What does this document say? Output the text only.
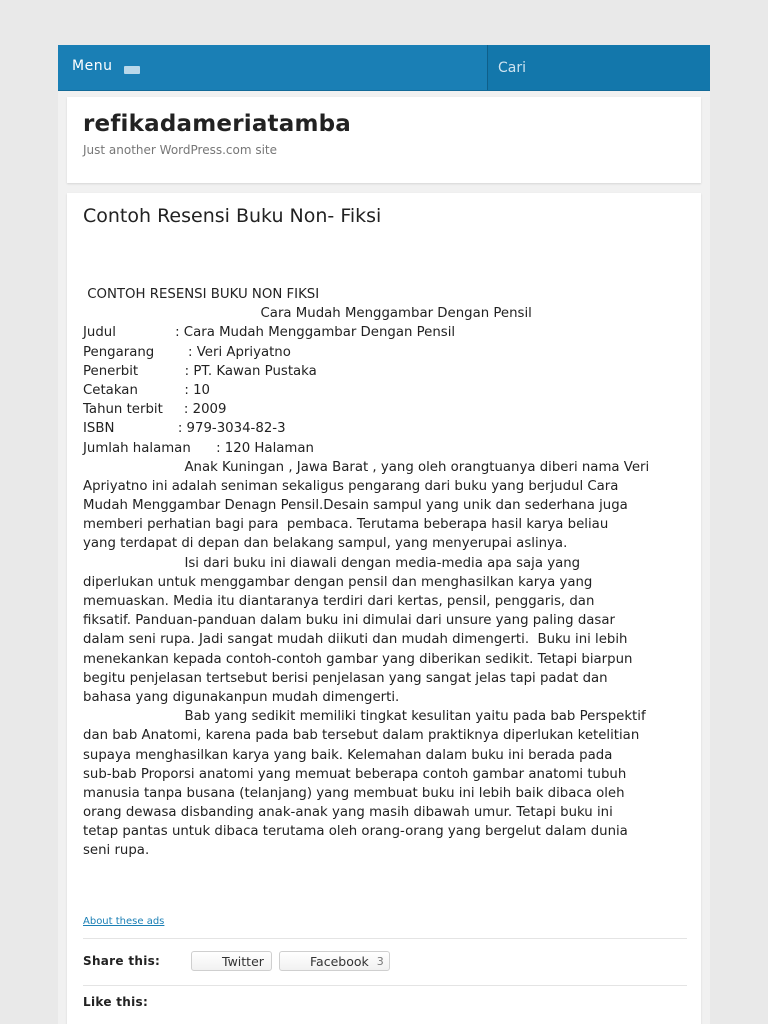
Menu	Cari
refikadameriatamba
Just another WordPress.com site
Contoh Resensi Buku Non- Fiksi
CONTOH RESENSI BUKU NON FIKSI
Cara Mudah Menggambar Dengan Pensil
Judul              : Cara Mudah Menggambar Dengan Pensil
Pengarang        : Veri Apriyatno
Penerbit           : PT. Kawan Pustaka
Cetakan           : 10
Tahun terbit     : 2009
ISBN               : 979-3034-82-3
Jumlah halaman      : 120 Halaman
Anak Kuningan , Jawa Barat , yang oleh orangtuanya diberi nama Veri
Apriyatno ini adalah seniman sekaligus pengarang dari buku yang berjudul Cara
Mudah Menggambar Denagn Pensil.Desain sampul yang unik dan sederhana juga
memberi perhatian bagi para  pembaca. Terutama beberapa hasil karya beliau
yang terdapat di depan dan belakang sampul, yang menyerupai aslinya.
Isi dari buku ini diawali dengan media-media apa saja yang
diperlukan untuk menggambar dengan pensil dan menghasilkan karya yang
memuaskan. Media itu diantaranya terdiri dari kertas, pensil, penggaris, dan
fiksatif. Panduan-panduan dalam buku ini dimulai dari unsure yang paling dasar
dalam seni rupa. Jadi sangat mudah diikuti dan mudah dimengerti.  Buku ini lebih
menekankan kepada contoh-contoh gambar yang diberikan sedikit. Tetapi biarpun
begitu penjelasan tertsebut berisi penjelasan yang sangat jelas tapi padat dan
bahasa yang digunakanpun mudah dimengerti.
Bab yang sedikit memiliki tingkat kesulitan yaitu pada bab Perspektif
dan bab Anatomi, karena pada bab tersebut dalam praktiknya diperlukan ketelitian
supaya menghasilkan karya yang baik. Kelemahan dalam buku ini berada pada
sub-bab Proporsi anatomi yang memuat beberapa contoh gambar anatomi tubuh
manusia tanpa busana (telanjang) yang membuat buku ini lebih baik dibaca oleh
orang dewasa disbanding anak-anak yang masih dibawah umur. Tetapi buku ini
tetap pantas untuk dibaca terutama oleh orang-orang yang bergelut dalam dunia
seni rupa.
About these ads
Share this:	Twitter	Facebook 3
Like this:
